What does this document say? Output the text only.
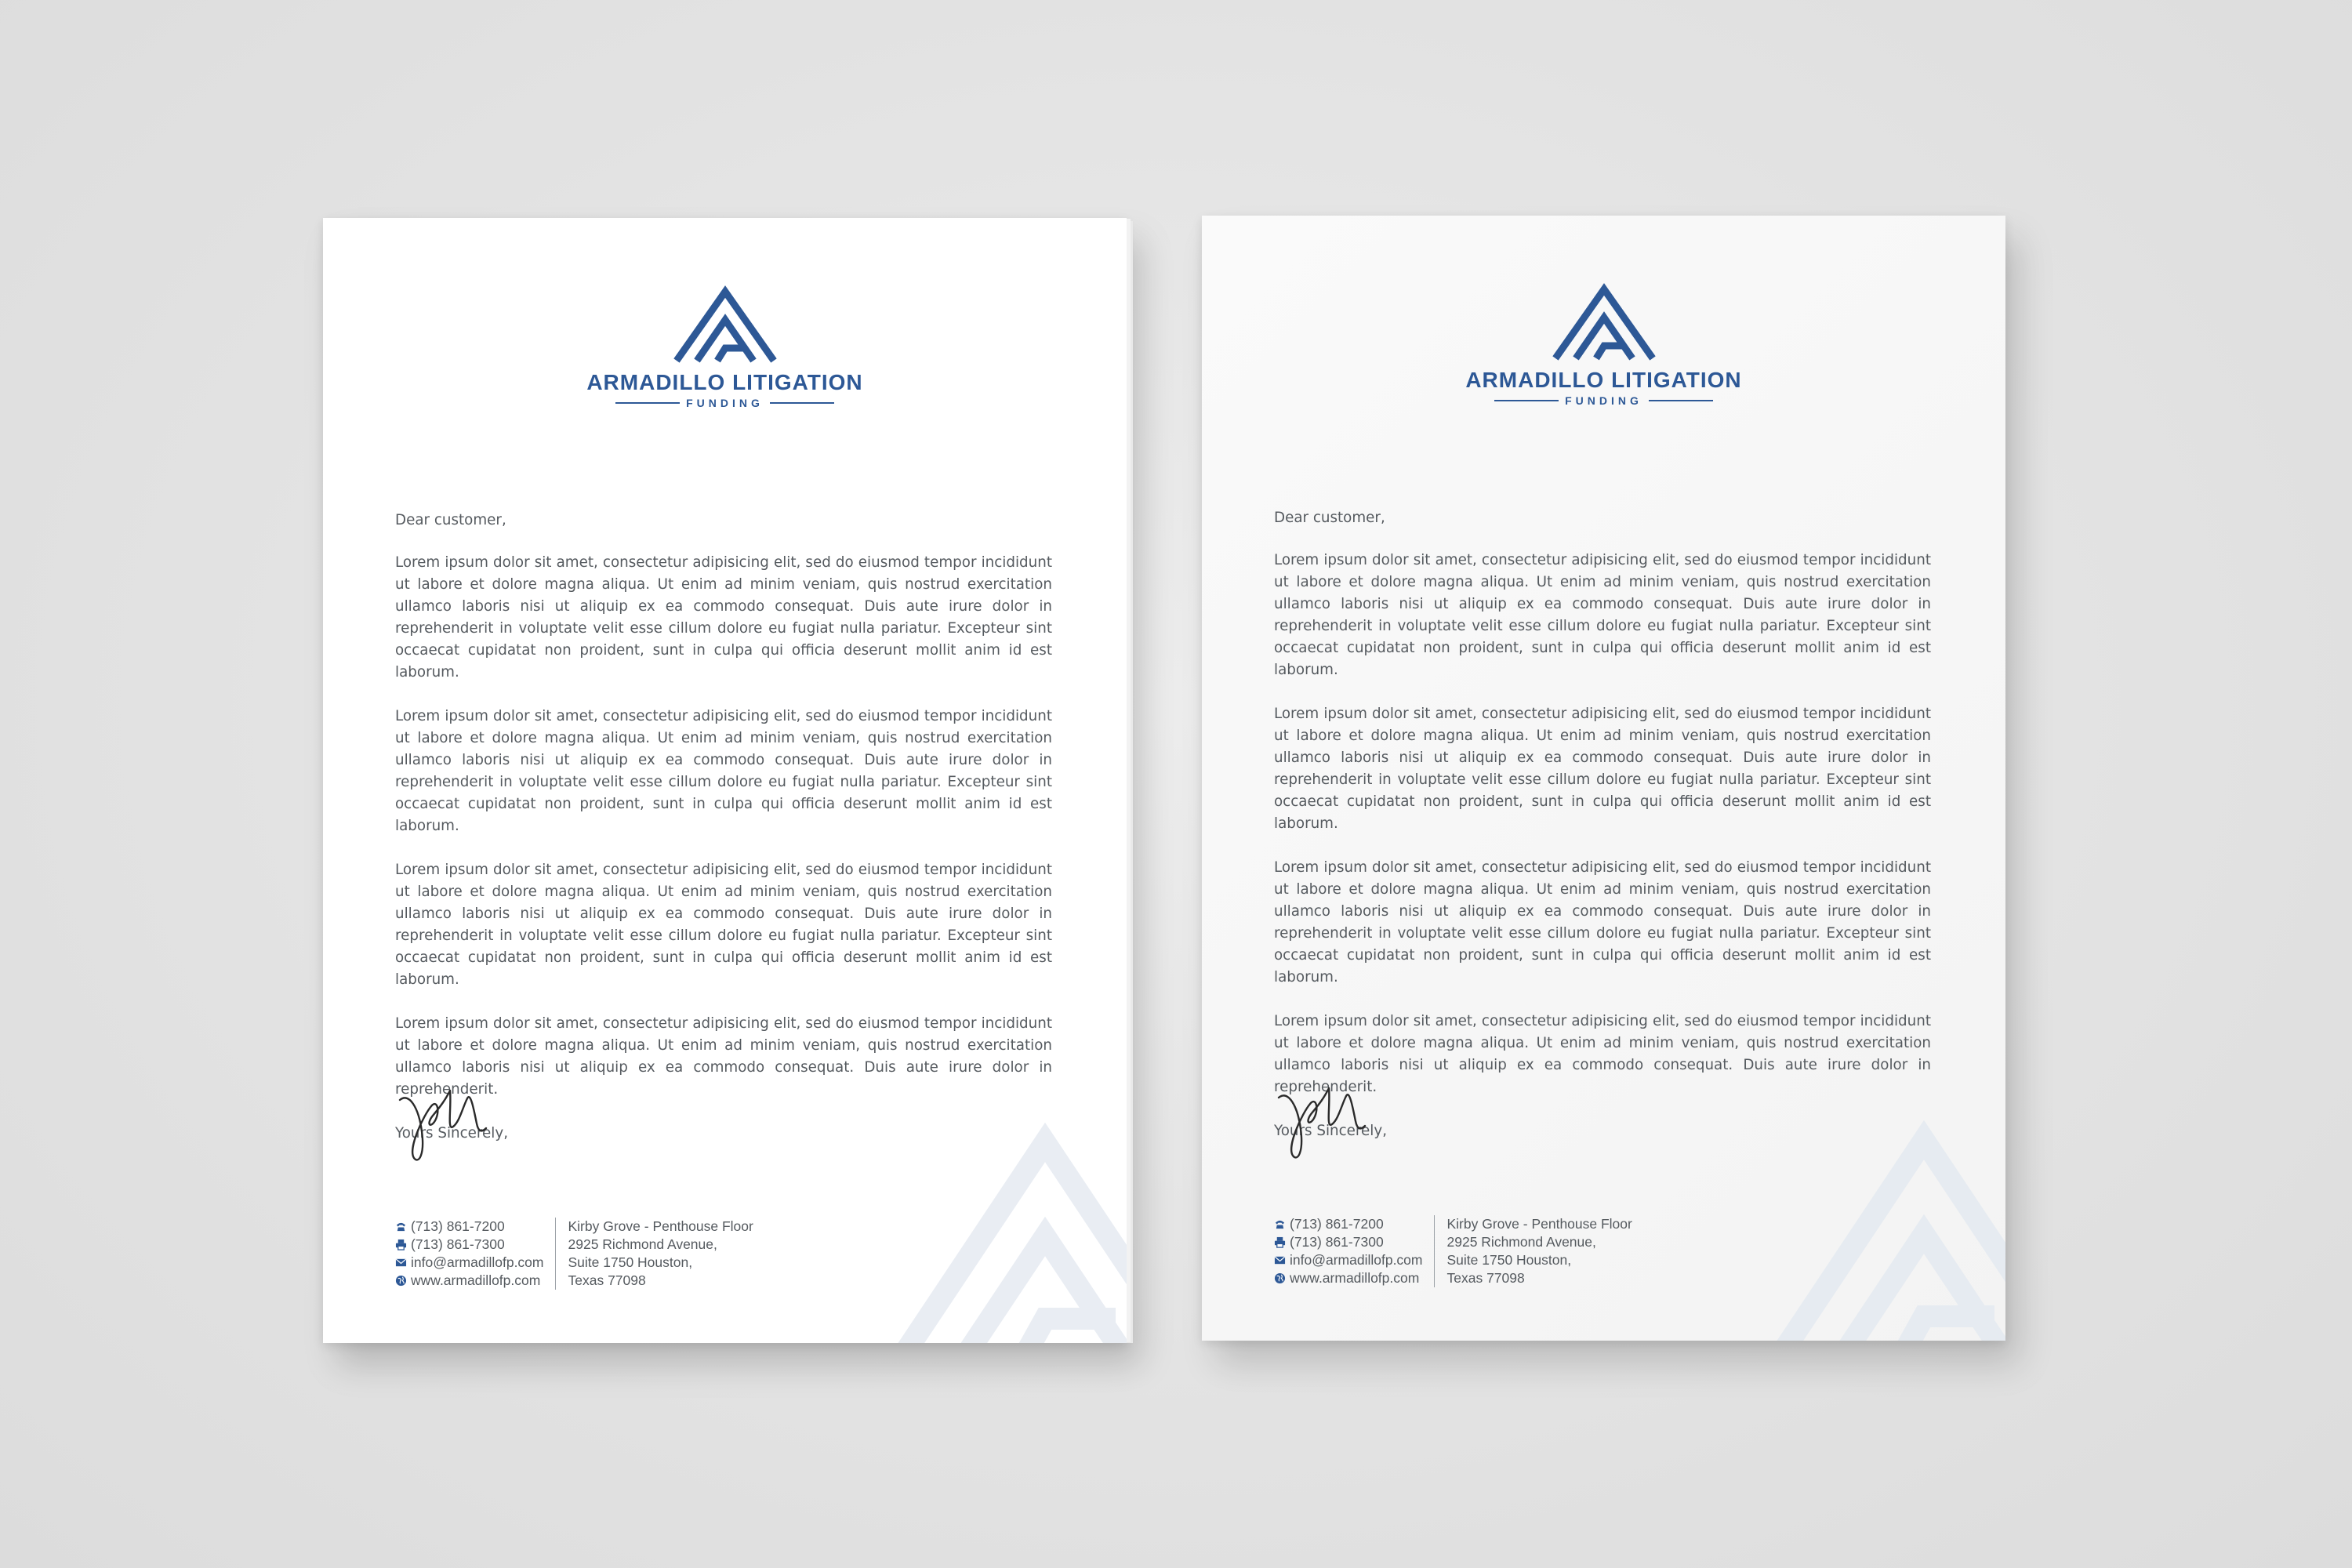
ARMADILLO LITIGATION
FUNDING

Dear customer,

Lorem ipsum dolor sit amet, consectetur adipisicing elit, sed do eiusmod tempor incididunt ut labore et dolore magna aliqua. Ut enim ad minim veniam, quis nostrud exercitation ullamco laboris nisi ut aliquip ex ea commodo consequat. Duis aute irure dolor in reprehenderit in voluptate velit esse cillum dolore eu fugiat nulla pariatur. Excepteur sint occaecat cupidatat non proident, sunt in culpa qui officia deserunt mollit anim id est laborum.

Lorem ipsum dolor sit amet, consectetur adipisicing elit, sed do eiusmod tempor incididunt ut labore et dolore magna aliqua. Ut enim ad minim veniam, quis nostrud exercitation ullamco laboris nisi ut aliquip ex ea commodo consequat. Duis aute irure dolor in reprehenderit in voluptate velit esse cillum dolore eu fugiat nulla pariatur. Excepteur sint occaecat cupidatat non proident, sunt in culpa qui officia deserunt mollit anim id est laborum.

Lorem ipsum dolor sit amet, consectetur adipisicing elit, sed do eiusmod tempor incididunt ut labore et dolore magna aliqua. Ut enim ad minim veniam, quis nostrud exercitation ullamco laboris nisi ut aliquip ex ea commodo consequat. Duis aute irure dolor in reprehenderit in voluptate velit esse cillum dolore eu fugiat nulla pariatur. Excepteur sint occaecat cupidatat non proident, sunt in culpa qui officia deserunt mollit anim id est laborum.

Lorem ipsum dolor sit amet, consectetur adipisicing elit, sed do eiusmod tempor incididunt ut labore et dolore magna aliqua. Ut enim ad minim veniam, quis nostrud exercitation ullamco laboris nisi ut aliquip ex ea commodo consequat. Duis aute irure dolor in reprehenderit.

Yours Sincerely,

(713) 861-7200
(713) 861-7300
info@armadillofp.com
www.armadillofp.com
Kirby Grove - Penthouse Floor
2925 Richmond Avenue,
Suite 1750 Houston,
Texas 77098
ARMADILLO LITIGATION
FUNDING

Dear customer,

Lorem ipsum dolor sit amet, consectetur adipisicing elit, sed do eiusmod tempor incididunt ut labore et dolore magna aliqua. Ut enim ad minim veniam, quis nostrud exercitation ullamco laboris nisi ut aliquip ex ea commodo consequat. Duis aute irure dolor in reprehenderit in voluptate velit esse cillum dolore eu fugiat nulla pariatur. Excepteur sint occaecat cupidatat non proident, sunt in culpa qui officia deserunt mollit anim id est laborum.

Lorem ipsum dolor sit amet, consectetur adipisicing elit, sed do eiusmod tempor incididunt ut labore et dolore magna aliqua. Ut enim ad minim veniam, quis nostrud exercitation ullamco laboris nisi ut aliquip ex ea commodo consequat. Duis aute irure dolor in reprehenderit in voluptate velit esse cillum dolore eu fugiat nulla pariatur. Excepteur sint occaecat cupidatat non proident, sunt in culpa qui officia deserunt mollit anim id est laborum.

Lorem ipsum dolor sit amet, consectetur adipisicing elit, sed do eiusmod tempor incididunt ut labore et dolore magna aliqua. Ut enim ad minim veniam, quis nostrud exercitation ullamco laboris nisi ut aliquip ex ea commodo consequat. Duis aute irure dolor in reprehenderit in voluptate velit esse cillum dolore eu fugiat nulla pariatur. Excepteur sint occaecat cupidatat non proident, sunt in culpa qui officia deserunt mollit anim id est laborum.

Lorem ipsum dolor sit amet, consectetur adipisicing elit, sed do eiusmod tempor incididunt ut labore et dolore magna aliqua. Ut enim ad minim veniam, quis nostrud exercitation ullamco laboris nisi ut aliquip ex ea commodo consequat. Duis aute irure dolor in reprehenderit.

Yours Sincerely,

(713) 861-7200
(713) 861-7300
info@armadillofp.com
www.armadillofp.com
Kirby Grove - Penthouse Floor
2925 Richmond Avenue,
Suite 1750 Houston,
Texas 77098
